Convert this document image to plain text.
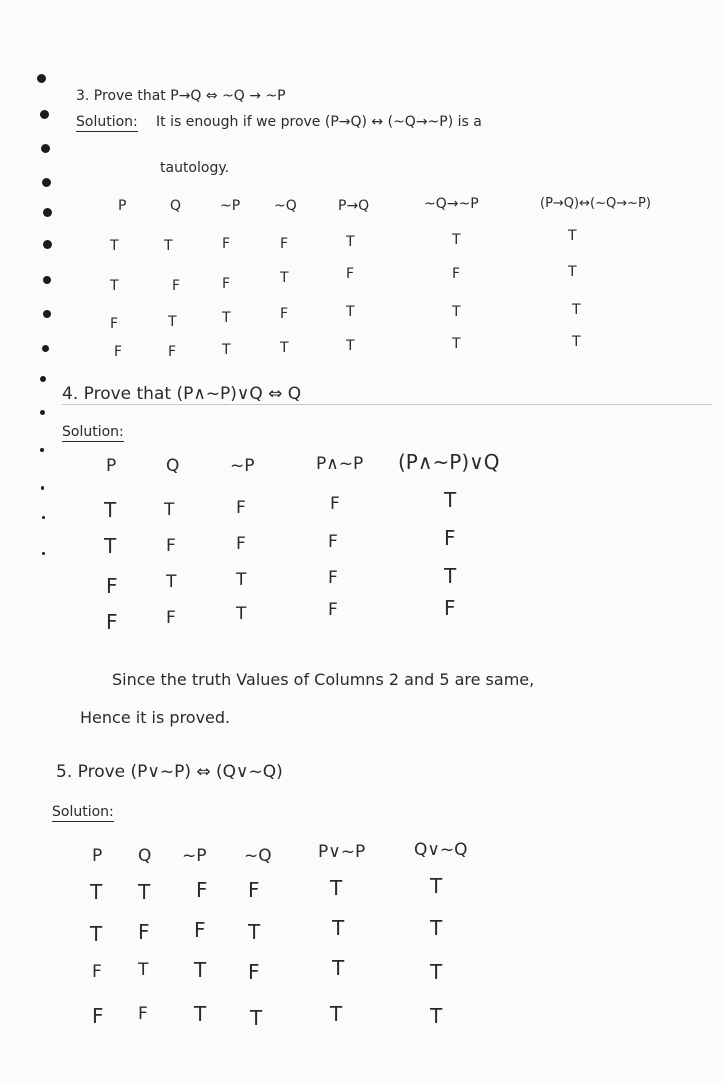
3. Prove that P→Q ⇔ ~Q → ~P
Solution: It is enough if we prove (P→Q) ↔ (~Q→~P) is a
tautology.
P	Q	~P ~Q	P→Q	~Q→~P	(P→Q)↔(~Q→~P)
T	T	F	F	T	T	T
T	F	F	T	F	F	T
F	T	T	F	T	T	T
F	F	T	T	T	T	T
4. Prove that (P∧~P)∨Q ⇔ Q
Solution:
P	Q	~P	P∧~P (P∧~P)∨Q
T	T	F	F	T
T	F	F	F	F
F	T	T	F	T
F	F	T	F	F
Since the truth Values of Columns 2 and 5 are same,
Hence it is proved.
5. Prove (P∨~P) ⇔ (Q∨~Q)
Solution:
P Q ~P ~Q	P∨~P	Q∨~Q
T T F F	T	T
T F F T	T	T
F T T F	T	T
F F T T	T	T
